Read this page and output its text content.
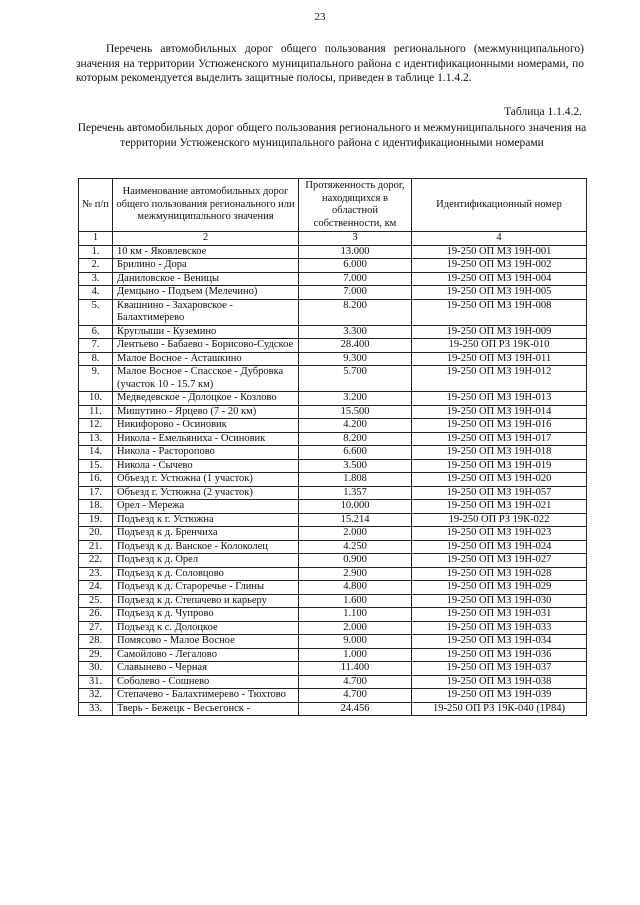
23

Перечень автомобильных дорог общего пользования регионального (межмуниципального) значения на территории Устюженского муниципального района с идентификационными номерами, по которым рекомендуется выделить защитные полосы, приведен в таблице 1.1.4.2.

Таблица 1.1.4.2.

Перечень автомобильных дорог общего пользования регионального и межмуниципального значения на территории Устюженского муниципального района с идентификационными номерами

№ п/п	Наименование автомобильных дорог общего пользования регионального или межмуниципального значения	Протяженность дорог, находящихся в областной собственности, км	Идентификационный номер
1	2	3	4
1.	10 км - Яковлевское	13.000	19-250 ОП МЗ 19Н-001
2.	Брилино - Дора	6.000	19-250 ОП МЗ 19Н-002
3.	Даниловское - Веницы	7.000	19-250 ОП МЗ 19Н-004
4.	Демцыно - Подъем (Мелечино)	7.000	19-250 ОП МЗ 19Н-005
5.	Квашнино - Захаровское - Балахтимерево	8.200	19-250 ОП МЗ 19Н-008
6.	Круглыши - Куземино	3.300	19-250 ОП МЗ 19Н-009
7.	Лентьево - Бабаево - Борисово-Судское	28.400	19-250 ОП РЗ 19К-010
8.	Малое Восное - Асташкино	9.300	19-250 ОП МЗ 19Н-011
9.	Малое Восное - Спасское - Дубровка (участок 10 - 15.7 км)	5.700	19-250 ОП МЗ 19Н-012
10.	Медведевское - Долоцкое - Козлово	3.200	19-250 ОП МЗ 19Н-013
11.	Мишутино - Ярцево (7 - 20 км)	15.500	19-250 ОП МЗ 19Н-014
12.	Никифорово - Осиновик	4.200	19-250 ОП МЗ 19Н-016
13.	Никола - Емельяниха - Осиновик	8.200	19-250 ОП МЗ 19Н-017
14.	Никола - Расторопово	6.600	19-250 ОП МЗ 19Н-018
15.	Никола - Сычево	3.500	19-250 ОП МЗ 19Н-019
16.	Объезд г. Устюжна (1 участок)	1.808	19-250 ОП МЗ 19Н-020
17.	Объезд г. Устюжна (2 участок)	1.357	19-250 ОП МЗ 19Н-057
18.	Орел - Мережа	10.000	19-250 ОП МЗ 19Н-021
19.	Подъезд к г. Устюжна	15.214	19-250 ОП РЗ 19К-022
20.	Подъезд к д. Бренчиха	2.000	19-250 ОП МЗ 19Н-023
21.	Подъезд к д. Ванское - Колоколец	4.250	19-250 ОП МЗ 19Н-024
22.	Подъезд к д. Орел	0.900	19-250 ОП МЗ 19Н-027
23.	Подъезд к д. Соловцово	2.900	19-250 ОП МЗ 19Н-028
24.	Подъезд к д. Староречье - Глины	4.800	19-250 ОП МЗ 19Н-029
25.	Подъезд к д. Степачево и карьеру	1.600	19-250 ОП МЗ 19Н-030
26.	Подъезд к д. Чупрово	1.100	19-250 ОП МЗ 19Н-031
27.	Подъезд к с. Долоцкое	2.000	19-250 ОП МЗ 19Н-033
28.	Помясово - Малое Восное	9.000	19-250 ОП МЗ 19Н-034
29.	Самойлово - Легалово	1.000	19-250 ОП МЗ 19Н-036
30.	Славынево - Черная	11.400	19-250 ОП МЗ 19Н-037
31.	Соболево - Сошнево	4.700	19-250 ОП МЗ 19Н-038
32.	Степачево - Балахтимерево - Тюхтово	4.700	19-250 ОП МЗ 19Н-039
33.	Тверь - Бежецк - Весьегонск -	24.456	19-250 ОП РЗ 19К-040 (1Р84)
